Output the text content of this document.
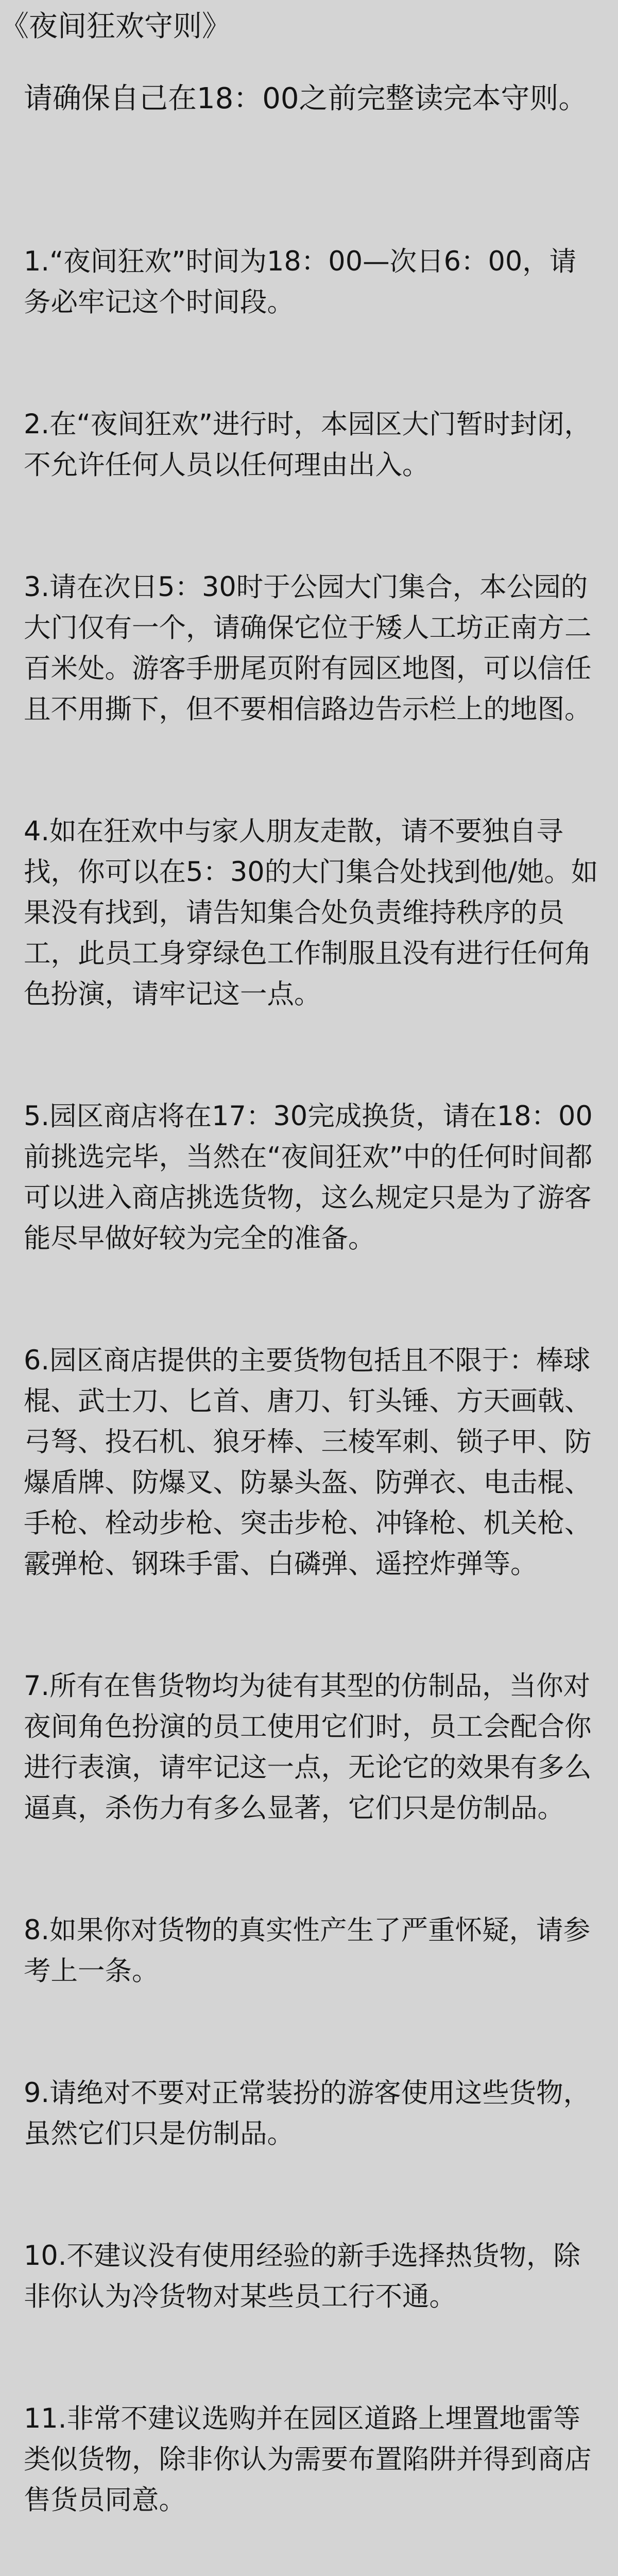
《夜间狂欢守则》
请确保自己在18：00之前完整读完本守则。

1.“夜间狂欢”时间为18：00—次日6：00，请务必牢记这个时间段。

2.在“夜间狂欢”进行时，本园区大门暂时封闭，不允许任何人员以任何理由出入。

3.请在次日5：30时于公园大门集合，本公园的大门仅有一个，请确保它位于矮人工坊正南方二百米处。游客手册尾页附有园区地图，可以信任且不用撕下，但不要相信路边告示栏上的地图。

4.如在狂欢中与家人朋友走散，请不要独自寻找，你可以在5：30的大门集合处找到他/她。如果没有找到，请告知集合处负责维持秩序的员工，此员工身穿绿色工作制服且没有进行任何角色扮演，请牢记这一点。

5.园区商店将在17：30完成换货，请在18：00前挑选完毕，当然在“夜间狂欢”中的任何时间都可以进入商店挑选货物，这么规定只是为了游客能尽早做好较为完全的准备。

6.园区商店提供的主要货物包括且不限于：棒球棍、武士刀、匕首、唐刀、钉头锤、方天画戟、弓弩、投石机、狼牙棒、三棱军刺、锁子甲、防爆盾牌、防爆叉、防暴头盔、防弹衣、电击棍、手枪、栓动步枪、突击步枪、冲锋枪、机关枪、霰弹枪、钢珠手雷、白磷弹、遥控炸弹等。

7.所有在售货物均为徒有其型的仿制品，当你对夜间角色扮演的员工使用它们时，员工会配合你进行表演，请牢记这一点，无论它的效果有多么逼真，杀伤力有多么显著，它们只是仿制品。

8.如果你对货物的真实性产生了严重怀疑，请参考上一条。

9.请绝对不要对正常装扮的游客使用这些货物，虽然它们只是仿制品。

10.不建议没有使用经验的新手选择热货物，除非你认为冷货物对某些员工行不通。

11.非常不建议选购并在园区道路上埋置地雷等类似货物，除非你认为需要布置陷阱并得到商店售货员同意。
